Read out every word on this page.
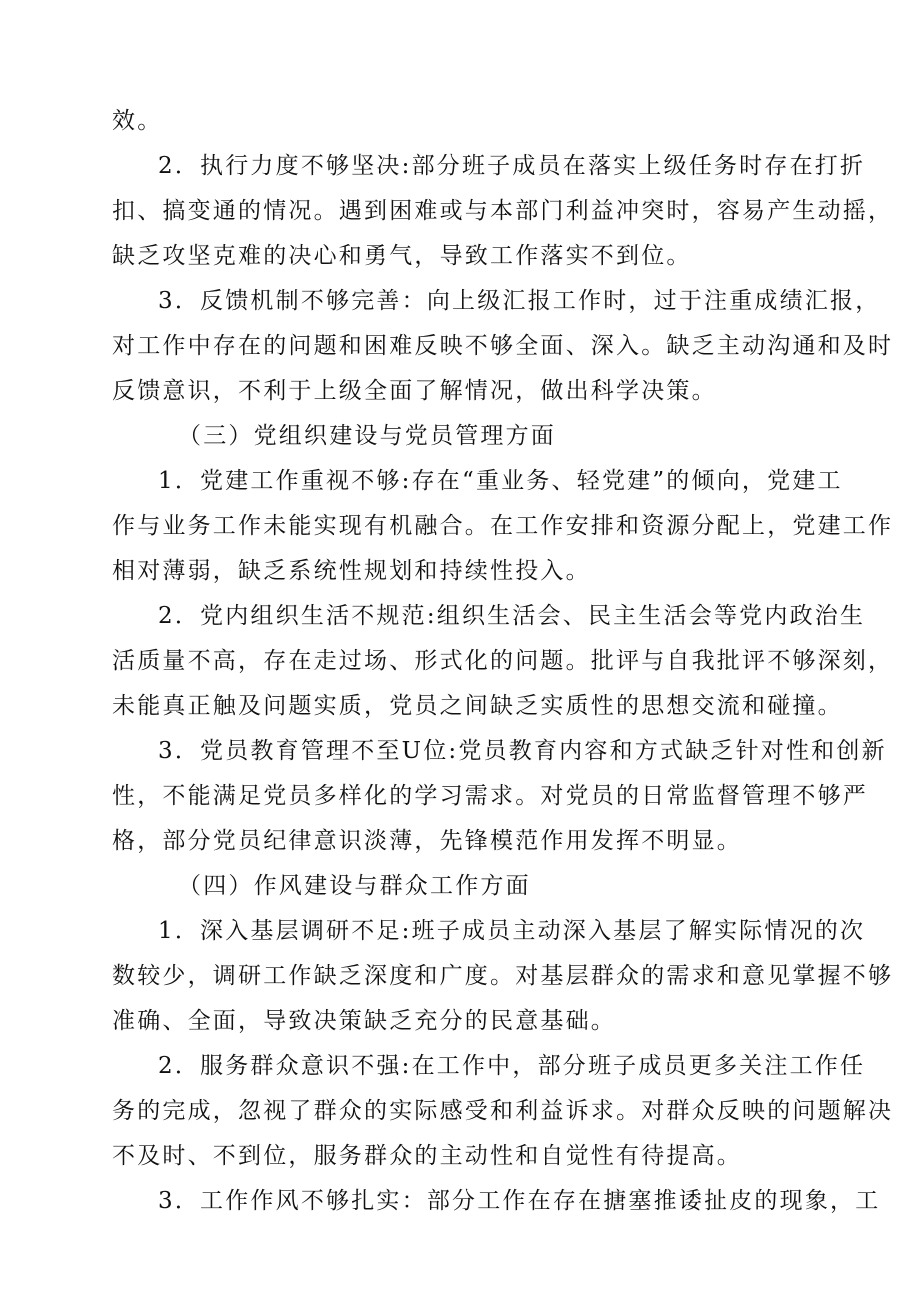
效。
2．执行力度不够坚决:部分班子成员在落实上级任务时存在打折
扣、搞变通的情况。遇到困难或与本部门利益冲突时，容易产生动摇，
缺乏攻坚克难的决心和勇气，导致工作落实不到位。
3．反馈机制不够完善：向上级汇报工作时，过于注重成绩汇报，
对工作中存在的问题和困难反映不够全面、深入。缺乏主动沟通和及时
反馈意识，不利于上级全面了解情况，做出科学决策。
（三）党组织建设与党员管理方面
1．党建工作重视不够:存在“重业务、轻党建”的倾向，党建工
作与业务工作未能实现有机融合。在工作安排和资源分配上，党建工作
相对薄弱，缺乏系统性规划和持续性投入。
2．党内组织生活不规范:组织生活会、民主生活会等党内政治生
活质量不高，存在走过场、形式化的问题。批评与自我批评不够深刻，
未能真正触及问题实质，党员之间缺乏实质性的思想交流和碰撞。
3．党员教育管理不至U位:党员教育内容和方式缺乏针对性和创新
性，不能满足党员多样化的学习需求。对党员的日常监督管理不够严
格，部分党员纪律意识淡薄，先锋模范作用发挥不明显。
（四）作风建设与群众工作方面
1．深入基层调研不足:班子成员主动深入基层了解实际情况的次
数较少，调研工作缺乏深度和广度。对基层群众的需求和意见掌握不够
准确、全面，导致决策缺乏充分的民意基础。
2．服务群众意识不强:在工作中，部分班子成员更多关注工作任
务的完成，忽视了群众的实际感受和利益诉求。对群众反映的问题解决
不及时、不到位，服务群众的主动性和自觉性有待提高。
3．工作作风不够扎实：部分工作在存在搪塞推诿扯皮的现象，工
